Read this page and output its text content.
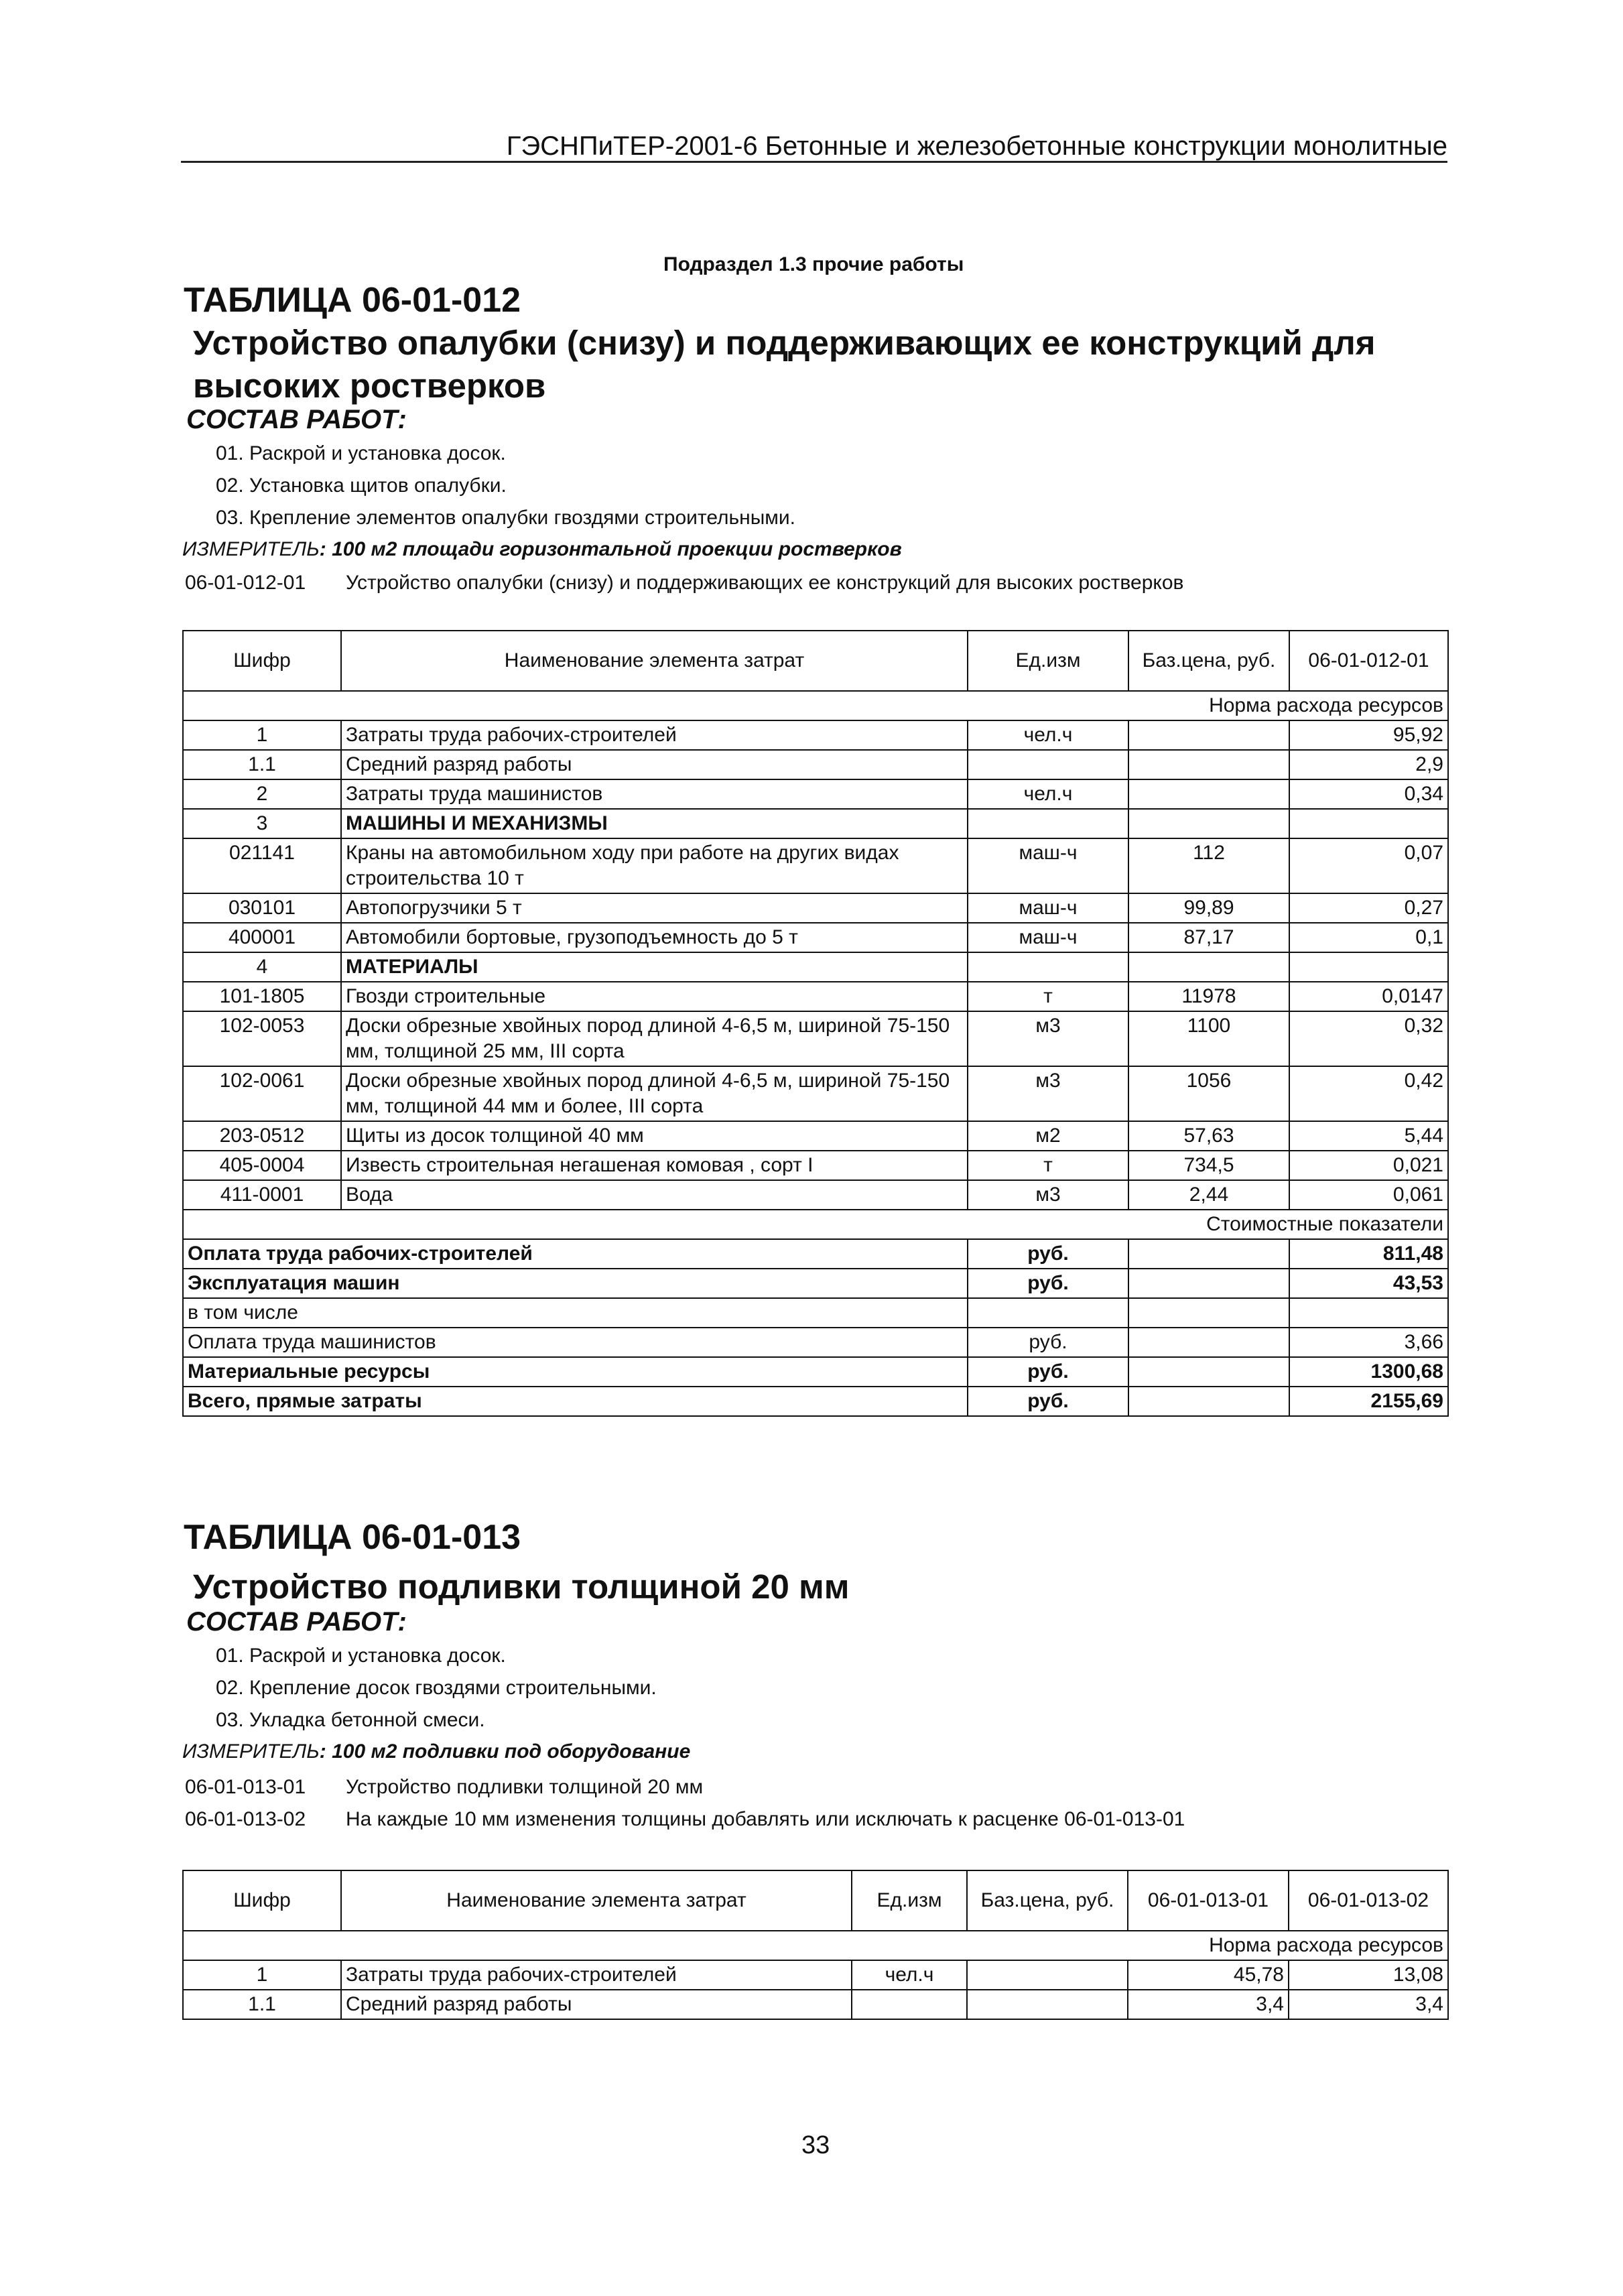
ГЭСНПиТЕР-2001-6 Бетонные и железобетонные конструкции монолитные
Подраздел 1.3 прочие работы
ТАБЛИЦА 06-01-012
Устройство опалубки (снизу) и поддерживающих ее конструкций для высоких ростверков
СОСТАВ РАБОТ:
01. Раскрой и установка досок.
02. Установка щитов опалубки.
03. Крепление элементов опалубки гвоздями строительными.
ИЗМЕРИТЕЛЬ: 100 м2 площади горизонтальной проекции ростверков
06-01-012-01 Устройство опалубки (снизу) и поддерживающих ее конструкций для высоких ростверков
Шифр	Наименование элемента затрат	Ед.изм	Баз.цена, руб.	06-01-012-01
Норма расхода ресурсов				
1	Затраты труда рабочих-строителей	чел.ч		95,92
1.1	Средний разряд работы			2,9
2	Затраты труда машинистов	чел.ч		0,34
3	МАШИНЫ И МЕХАНИЗМЫ			
021141	Краны на автомобильном ходу при работе на других видах строительства 10 т	маш-ч	112	0,07
030101	Автопогрузчики 5 т	маш-ч	99,89	0,27
400001	Автомобили бортовые, грузоподъемность до 5 т	маш-ч	87,17	0,1
4	МАТЕРИАЛЫ			
101-1805	Гвозди строительные	т	11978	0,0147
102-0053	Доски обрезные хвойных пород длиной 4-6,5 м, шириной 75-150 мм, толщиной 25 мм, III сорта	м3	1100	0,32
102-0061	Доски обрезные хвойных пород длиной 4-6,5 м, шириной 75-150 мм, толщиной 44 мм и более, III сорта	м3	1056	0,42
203-0512	Щиты из досок толщиной 40 мм	м2	57,63	5,44
405-0004	Известь строительная негашеная комовая , сорт I	т	734,5	0,021
411-0001	Вода	м3	2,44	0,061
Стоимостные показатели				
Оплата труда рабочих-строителей		руб.		811,48
Эксплуатация машин		руб.		43,53
в том числе				
Оплата труда машинистов		руб.		3,66
Материальные ресурсы		руб.		1300,68
Всего, прямые затраты		руб.		2155,69
ТАБЛИЦА 06-01-013
Устройство подливки толщиной 20 мм
СОСТАВ РАБОТ:
01. Раскрой и установка досок.
02. Крепление досок гвоздями строительными.
03. Укладка бетонной смеси.
ИЗМЕРИТЕЛЬ: 100 м2 подливки под оборудование
06-01-013-01 Устройство подливки толщиной 20 мм
06-01-013-02 На каждые 10 мм изменения толщины добавлять или исключать к расценке 06-01-013-01
Шифр	Наименование элемента затрат	Ед.изм	Баз.цена, руб.	06-01-013-01	06-01-013-02
Норма расхода ресурсов					
1	Затраты труда рабочих-строителей	чел.ч		45,78	13,08
1.1	Средний разряд работы			3,4	3,4
33
